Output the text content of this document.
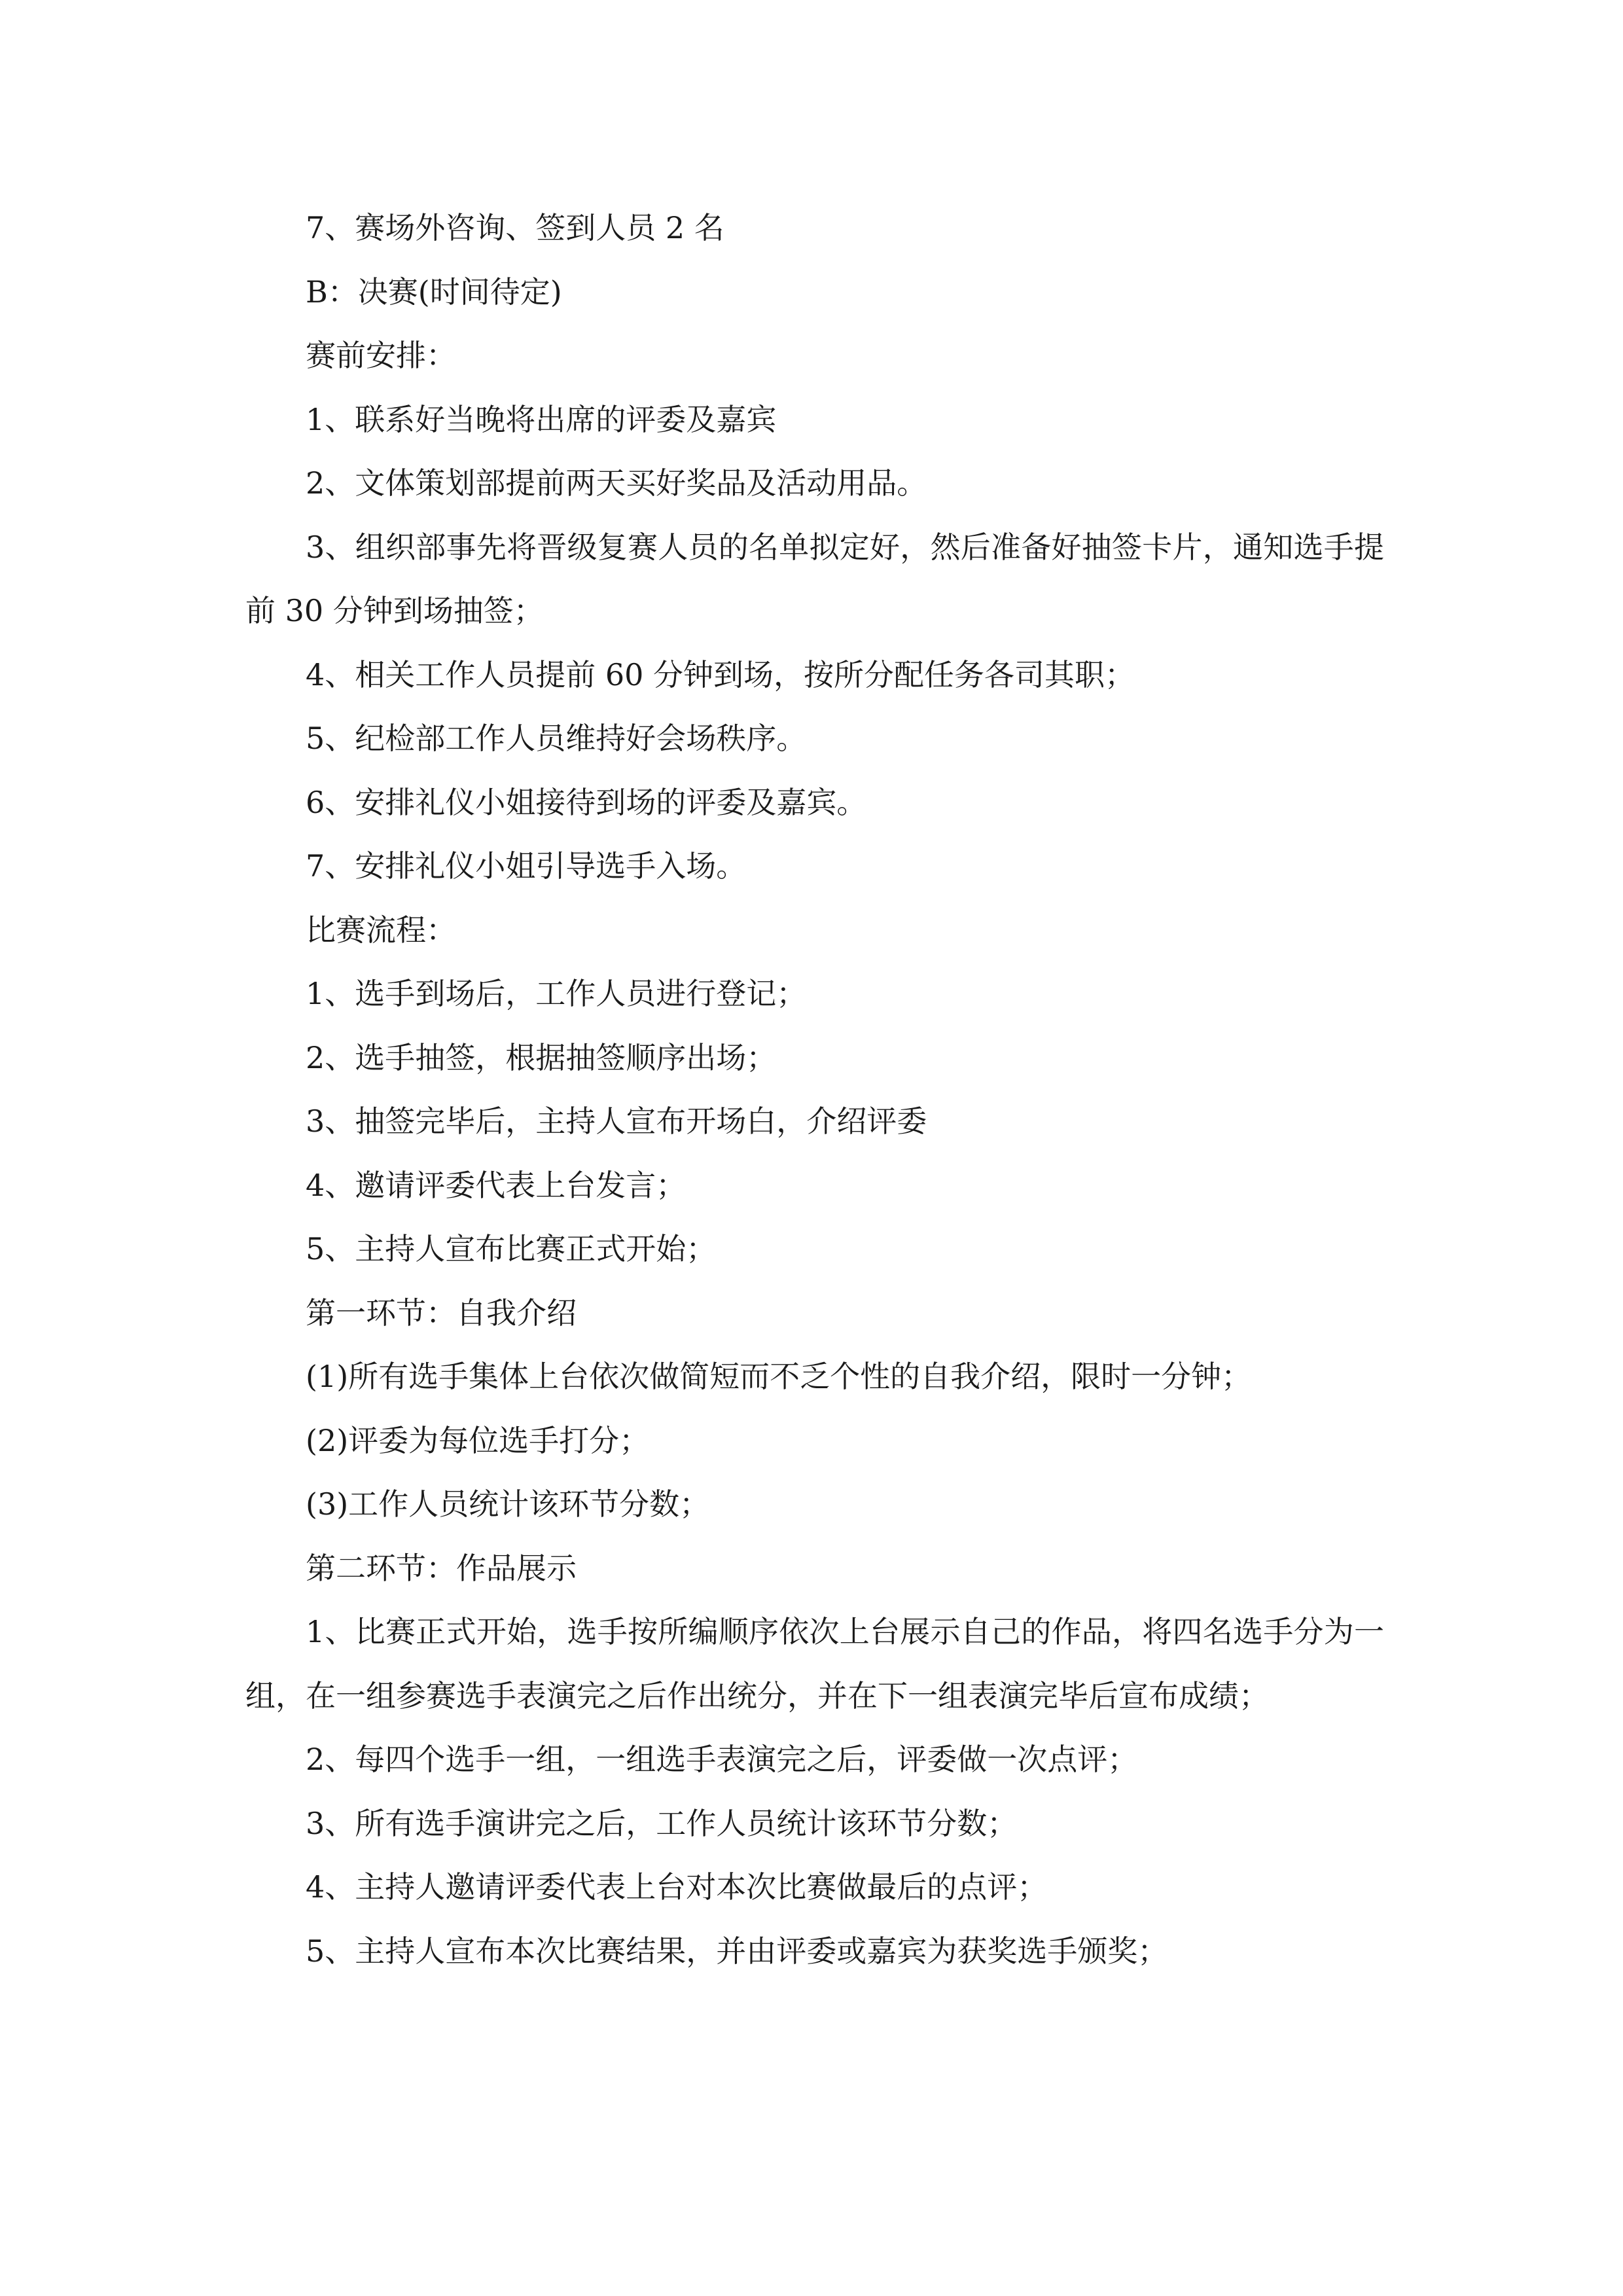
7、赛场外咨询、签到人员 2 名

B：决赛(时间待定)

赛前安排：

1、联系好当晚将出席的评委及嘉宾

2、文体策划部提前两天买好奖品及活动用品。

3、组织部事先将晋级复赛人员的名单拟定好，然后准备好抽签卡片，通知选手提前 30 分钟到场抽签；

4、相关工作人员提前 60 分钟到场，按所分配任务各司其职；

5、纪检部工作人员维持好会场秩序。

6、安排礼仪小姐接待到场的评委及嘉宾。

7、安排礼仪小姐引导选手入场。

比赛流程：

1、选手到场后，工作人员进行登记；

2、选手抽签，根据抽签顺序出场；

3、抽签完毕后，主持人宣布开场白，介绍评委

4、邀请评委代表上台发言；

5、主持人宣布比赛正式开始；

第一环节：自我介绍

(1)所有选手集体上台依次做简短而不乏个性的自我介绍，限时一分钟；

(2)评委为每位选手打分；

(3)工作人员统计该环节分数；

第二环节：作品展示

1、比赛正式开始，选手按所编顺序依次上台展示自己的作品，将四名选手分为一组，在一组参赛选手表演完之后作出统分，并在下一组表演完毕后宣布成绩；

2、每四个选手一组，一组选手表演完之后，评委做一次点评；

3、所有选手演讲完之后，工作人员统计该环节分数；

4、主持人邀请评委代表上台对本次比赛做最后的点评；

5、主持人宣布本次比赛结果，并由评委或嘉宾为获奖选手颁奖；
